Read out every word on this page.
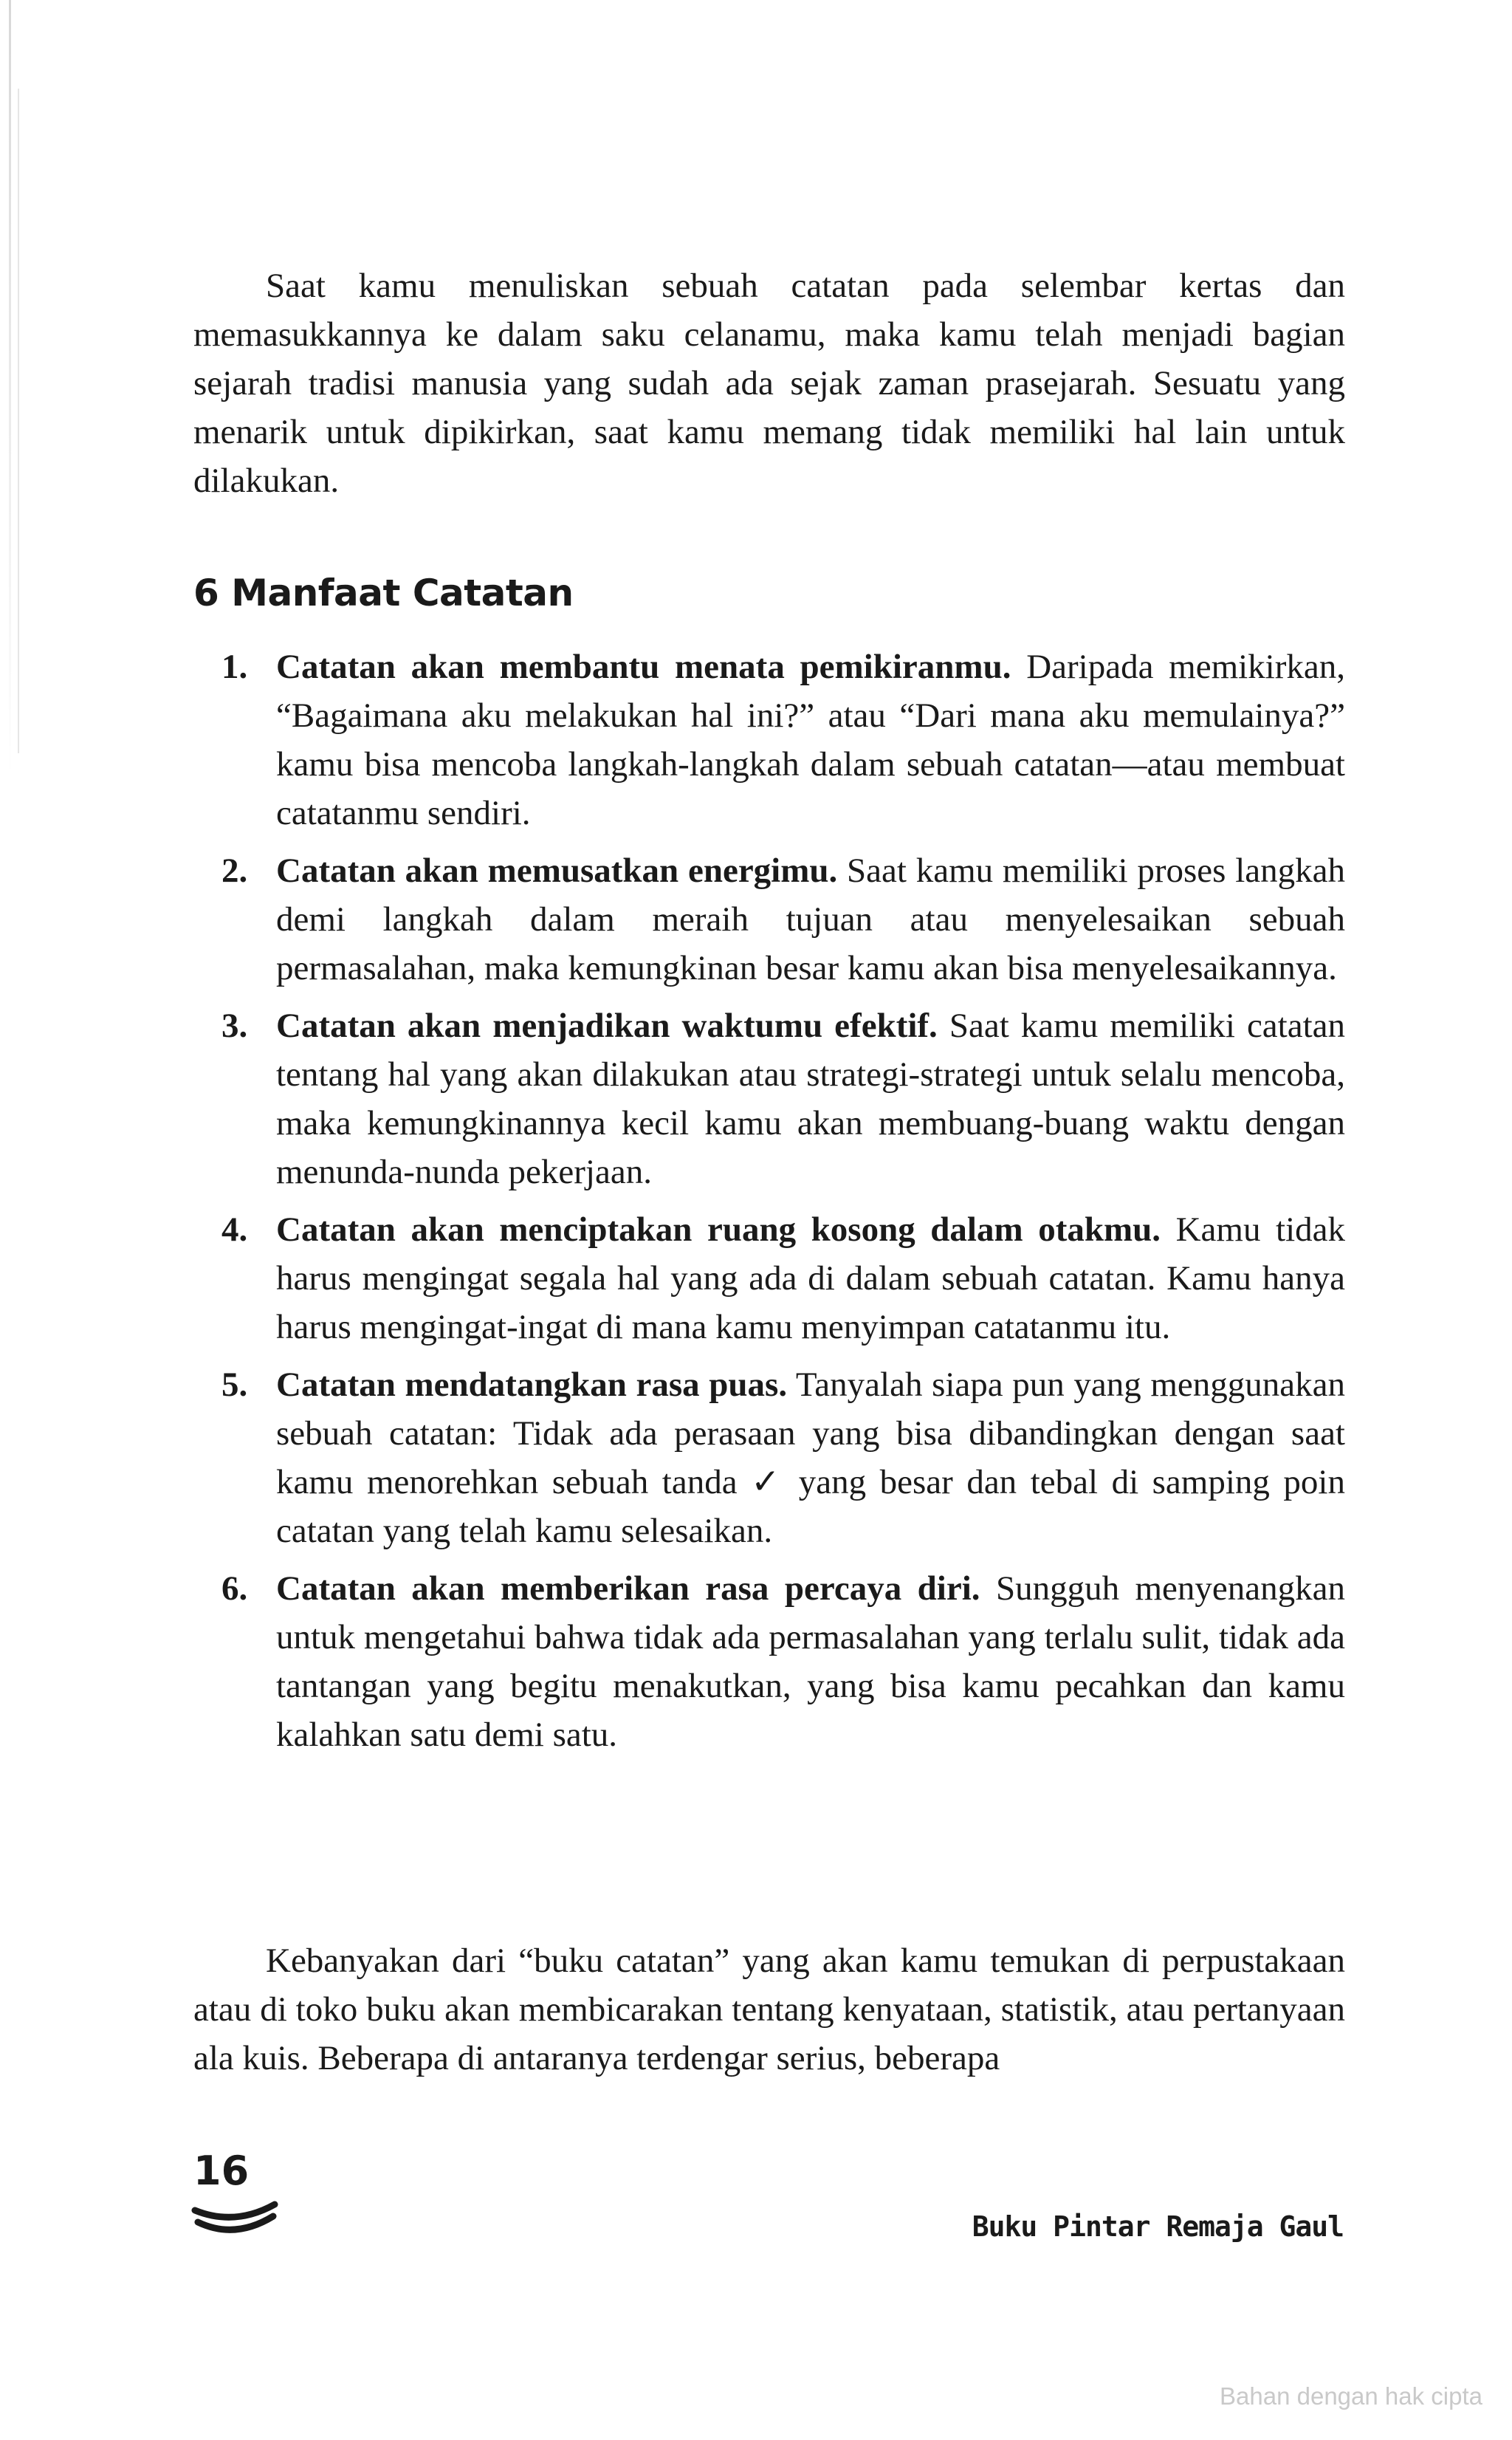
Saat kamu menuliskan sebuah catatan pada selembar kertas dan memasukkannya ke dalam saku celanamu, maka kamu telah menjadi bagian sejarah tradisi manusia yang sudah ada sejak zaman prasejarah. Sesuatu yang menarik untuk dipikirkan, saat kamu memang tidak memiliki hal lain untuk dilakukan.

6 Manfaat Catatan
1. Catatan akan membantu menata pemikiranmu. Daripada memikirkan, “Bagaimana aku melakukan hal ini?” atau “Dari mana aku memulainya?” kamu bisa mencoba langkah-langkah dalam sebuah catatan—atau membuat catatanmu sendiri.
2. Catatan akan memusatkan energimu. Saat kamu memiliki proses langkah demi langkah dalam meraih tujuan atau menyelesaikan sebuah permasalahan, maka kemungkinan besar kamu akan bisa menyelesaikannya.
3. Catatan akan menjadikan waktumu efektif. Saat kamu memiliki catatan tentang hal yang akan dilakukan atau strategi-strategi untuk selalu mencoba, maka kemungkinannya kecil kamu akan membuang-buang waktu dengan menunda-nunda pekerjaan.
4. Catatan akan menciptakan ruang kosong dalam otakmu. Kamu tidak harus mengingat segala hal yang ada di dalam sebuah catatan. Kamu hanya harus mengingat-ingat di mana kamu menyimpan catatanmu itu.
5. Catatan mendatangkan rasa puas. Tanyalah siapa pun yang menggunakan sebuah catatan: Tidak ada perasaan yang bisa dibandingkan dengan saat kamu menorehkan sebuah tanda ✓ yang besar dan tebal di samping poin catatan yang telah kamu selesaikan.
6. Catatan akan memberikan rasa percaya diri. Sungguh menyenangkan untuk mengetahui bahwa tidak ada permasalahan yang terlalu sulit, tidak ada tantangan yang begitu menakutkan, yang bisa kamu pecahkan dan kamu kalahkan satu demi satu.

Kebanyakan dari “buku catatan” yang akan kamu temukan di perpustakaan atau di toko buku akan membicarakan tentang kenyataan, statistik, atau pertanyaan ala kuis. Beberapa di antaranya terdengar serius, beberapa

16
Buku Pintar Remaja Gaul
Bahan dengan hak cipta
